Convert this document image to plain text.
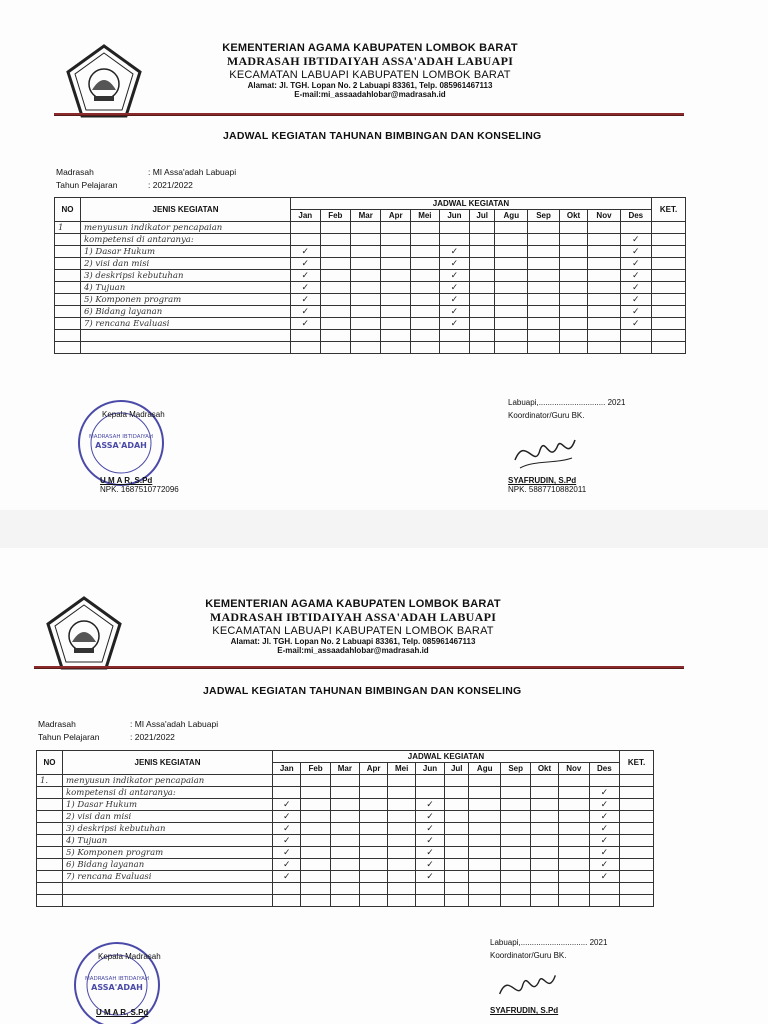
KEMENTERIAN AGAMA KABUPATEN LOMBOK BARAT
MADRASAH IBTIDAIYAH ASSA'ADAH LABUAPI
KECAMATAN LABUAPI KABUPATEN LOMBOK BARAT
Alamat: Jl. TGH. Lopan No. 2 Labuapi 83361, Telp. 085961467113
E-mail:mi_assaadahlobar@madrasah.id
JADWAL KEGIATAN TAHUNAN BIMBINGAN DAN KONSELING
Madrasah	: MI Assa'adah Labuapi
Tahun Pelajaran	: 2021/2022
NO	JENIS KEGIATAN	JADWAL KEGIATAN												KET.
		Jan	Feb	Mar	Apr	Mei	Jun	Jul	Agu	Sep	Okt	Nov	Des	
1	menyusun indikator pencapaian													
	kompetensi di antaranya:												✓	
	1) Dasar Hukum	✓					✓						✓	
	2) visi dan misi	✓					✓						✓	
	3) deskripsi kebutuhan	✓					✓						✓	
	4) Tujuan	✓					✓						✓	
	5) Komponen program	✓					✓						✓	
	6) Bidang layanan	✓					✓						✓	
	7) rencana Evaluasi	✓					✓						✓	

Labuapi,.............................. 2021
Koordinator/Guru BK.
SYAFRUDIN, S.Pd
NPK. 5887710882011
MADRASAH IBTIDAIYAH
ASSA'ADAH
Kepala Madrasah
U M A R, S.Pd
NPK. 1687510772096
KEMENTERIAN AGAMA KABUPATEN LOMBOK BARAT
MADRASAH IBTIDAIYAH ASSA'ADAH LABUAPI
KECAMATAN LABUAPI KABUPATEN LOMBOK BARAT
Alamat: Jl. TGH. Lopan No. 2 Labuapi 83361, Telp. 085961467113
E-mail:mi_assaadahlobar@madrasah.id
JADWAL KEGIATAN TAHUNAN BIMBINGAN DAN KONSELING
Madrasah	: MI Assa'adah Labuapi
Tahun Pelajaran	: 2021/2022
NO	JENIS KEGIATAN	JADWAL KEGIATAN												KET.
		Jan	Feb	Mar	Apr	Mei	Jun	Jul	Agu	Sep	Okt	Nov	Des	
1.	menyusun indikator pencapaian													
	kompetensi di antaranya:												✓	
	1) Dasar Hukum	✓					✓						✓	
	2) visi dan misi	✓					✓						✓	
	3) deskripsi kebutuhan	✓					✓						✓	
	4) Tujuan	✓					✓						✓	
	5) Komponen program	✓					✓						✓	
	6) Bidang layanan	✓					✓						✓	
	7) rencana Evaluasi	✓					✓						✓	

Labuapi,.............................. 2021
Koordinator/Guru BK.
SYAFRUDIN, S.Pd
MADRASAH IBTIDAIYAH
ASSA'ADAH
Kepala Madrasah
U M A R, S.Pd
